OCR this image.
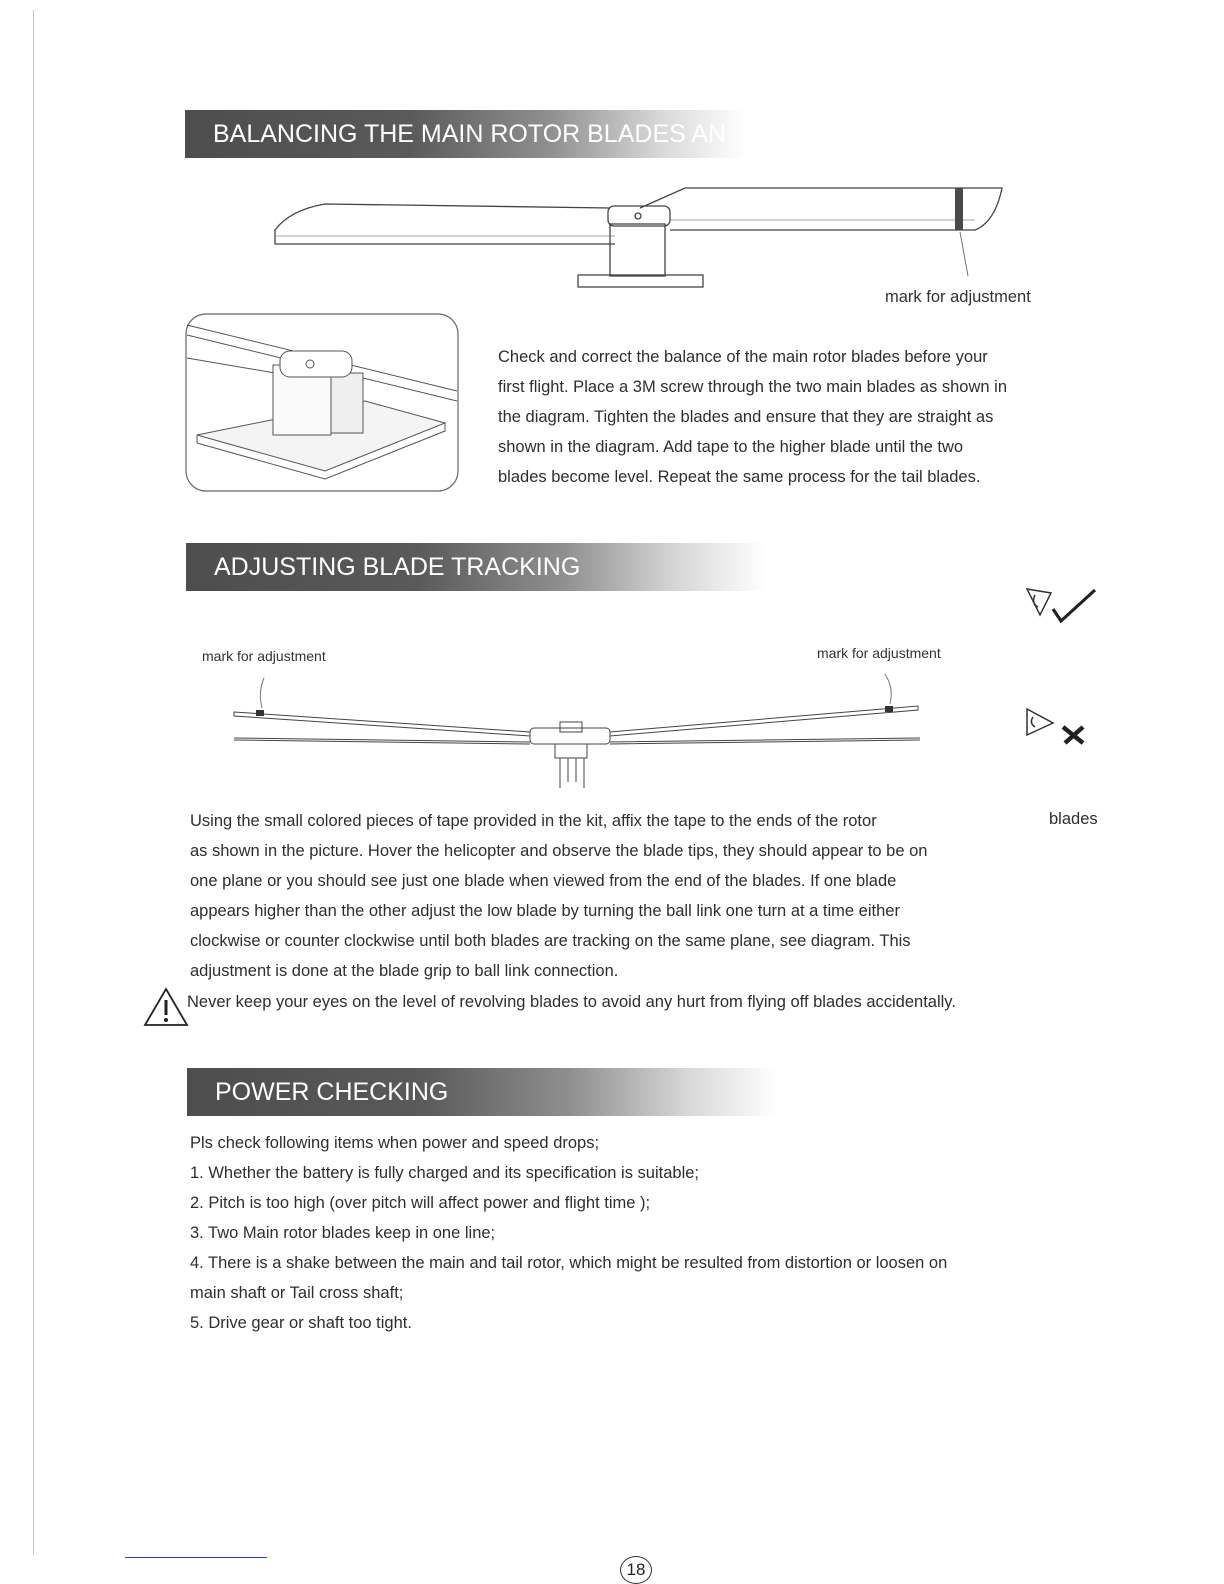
BALANCING THE MAIN ROTOR BLADES AN
mark for adjustment
Check and correct the balance of the main rotor blades before your
first flight. Place a 3M screw through the two main blades as shown in
the diagram. Tighten the blades and ensure that they are straight as
shown in the diagram. Add tape to the higher blade until the two
blades become level. Repeat the same process for the tail blades.
ADJUSTING BLADE TRACKING
mark for adjustment	mark for adjustment
Using the small colored pieces of tape provided in the kit, affix the tape to the ends of the rotor
as shown in the picture. Hover the helicopter and observe the blade tips, they should appear to be on
one plane or you should see just one blade when viewed from the end of the blades. If one blade
appears higher than the other adjust the low blade by turning the ball link one turn at a time either
clockwise or counter clockwise until both blades are tracking on the same plane, see diagram. This
adjustment is done at the blade grip to ball link connection.
blades
Never keep your eyes on the level of revolving blades to avoid any hurt from flying off blades accidentally.
POWER CHECKING
Pls check following items when power and speed drops;
1. Whether the battery is fully charged and its specification is suitable;
2. Pitch is too high (over pitch will affect power and flight time );
3. Two Main rotor blades keep in one line;
4. There is a shake between the main and tail rotor, which might be resulted from distortion or loosen on
main shaft or Tail cross shaft;
5. Drive gear or shaft too tight.
18
